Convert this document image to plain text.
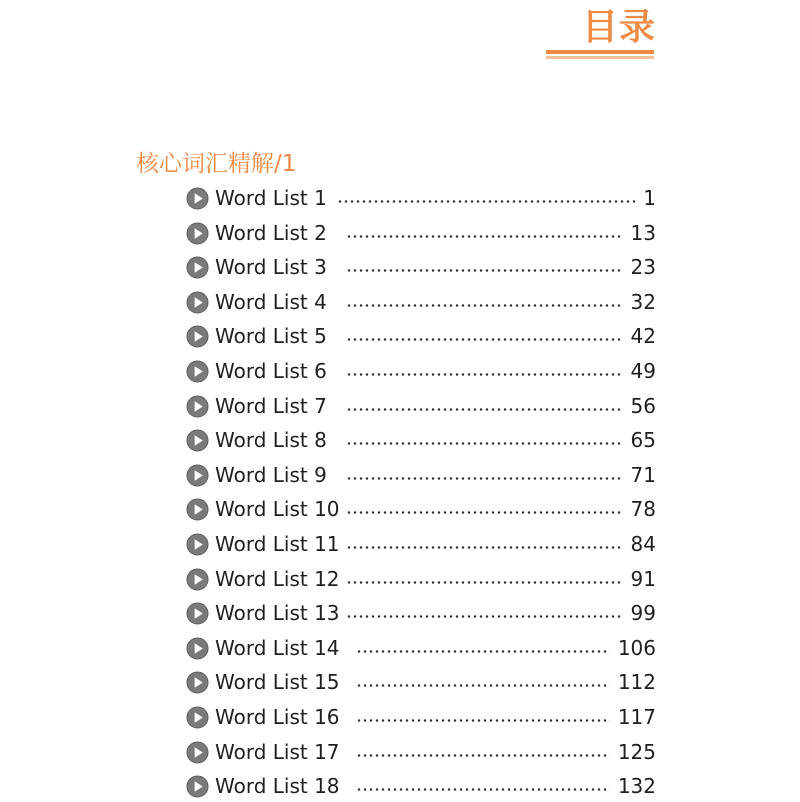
目录
核心词汇精解/1
Word List 1	1
Word List 2	13
Word List 3	23
Word List 4	32
Word List 5	42
Word List 6	49
Word List 7	56
Word List 8	65
Word List 9	71
Word List 10	78
Word List 11	84
Word List 12	91
Word List 13	99
Word List 14	106
Word List 15	112
Word List 16	117
Word List 17	125
Word List 18	132
